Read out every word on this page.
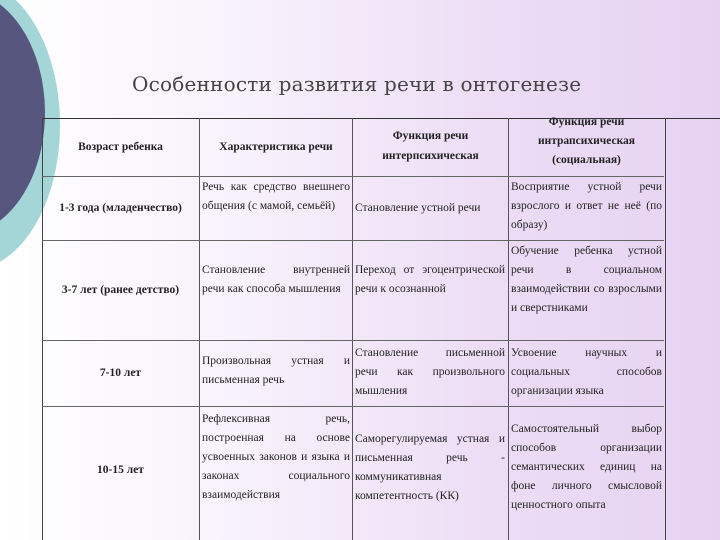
Особенности развития речи в онтогенезе
Возраст ребенка	Характеристика речи
Функция речи
интерпсихическая
Функция речи
интрапсихическая
(социальная)
1-3 года (младенчество)
Речь как средство внешнего общения (с мамой, семьёй)	Становление устной речи
Восприятие устной речи взрослого и ответ не неё (по образу)
3-7 лет (ранее детство)
Становление внутренней речи как способа мышления
Переход от эгоцентрической речи к осознанной
Обучение ребенка устной речи в социальном взаимодействии со взрослыми и сверстниками
7-10 лет
Произвольная устная и письменная речь
Становление письменной речи как произвольного мышления
Усвоение научных и социальных способов организации языка
10-15 лет
Рефлексивная речь, построенная на основе усвоенных законов и языка и законах социального взаимодействия
Саморегулируемая устная и письменная речь - коммуникативная компетентность (КК)
Самостоятельный выбор способов организации семантических единиц на фоне личного смысловой ценностного опыта
